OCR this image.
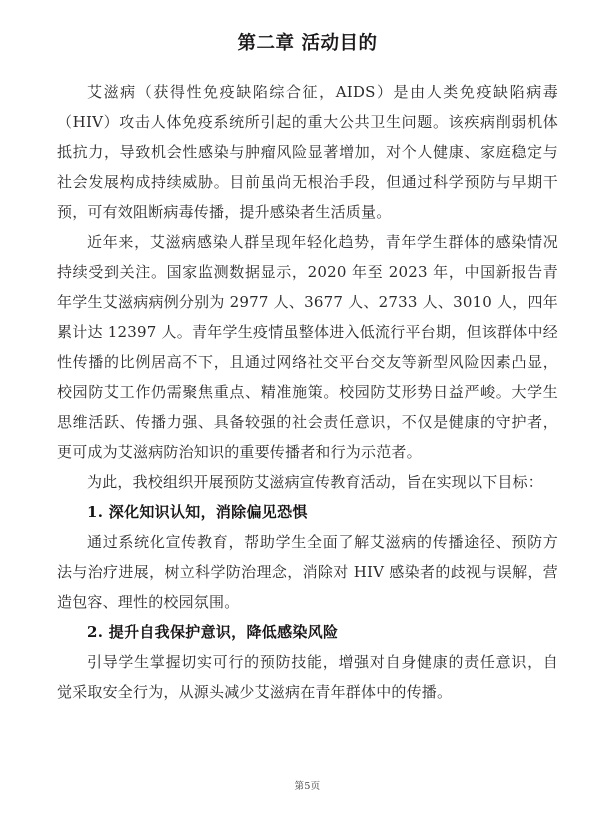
第二章 活动目的

艾滋病（获得性免疫缺陷综合征，AIDS）是由人类免疫缺陷病毒（HIV）攻击人体免疫系统所引起的重大公共卫生问题。该疾病削弱机体抵抗力，导致机会性感染与肿瘤风险显著增加，对个人健康、家庭稳定与社会发展构成持续威胁。目前虽尚无根治手段，但通过科学预防与早期干预，可有效阻断病毒传播，提升感染者生活质量。

近年来，艾滋病感染人群呈现年轻化趋势，青年学生群体的感染情况持续受到关注。国家监测数据显示，2020 年至 2023 年，中国新报告青年学生艾滋病病例分别为 2977 人、3677 人、2733 人、3010 人，四年累计达 12397 人。青年学生疫情虽整体进入低流行平台期，但该群体中经性传播的比例居高不下，且通过网络社交平台交友等新型风险因素凸显，校园防艾工作仍需聚焦重点、精准施策。校园防艾形势日益严峻。大学生思维活跃、传播力强、具备较强的社会责任意识，不仅是健康的守护者，更可成为艾滋病防治知识的重要传播者和行为示范者。

为此，我校组织开展预防艾滋病宣传教育活动，旨在实现以下目标：

1. 深化知识认知，消除偏见恐惧

通过系统化宣传教育，帮助学生全面了解艾滋病的传播途径、预防方法与治疗进展，树立科学防治理念，消除对 HIV 感染者的歧视与误解，营造包容、理性的校园氛围。

2. 提升自我保护意识，降低感染风险

引导学生掌握切实可行的预防技能，增强对自身健康的责任意识，自觉采取安全行为，从源头减少艾滋病在青年群体中的传播。

第5页
